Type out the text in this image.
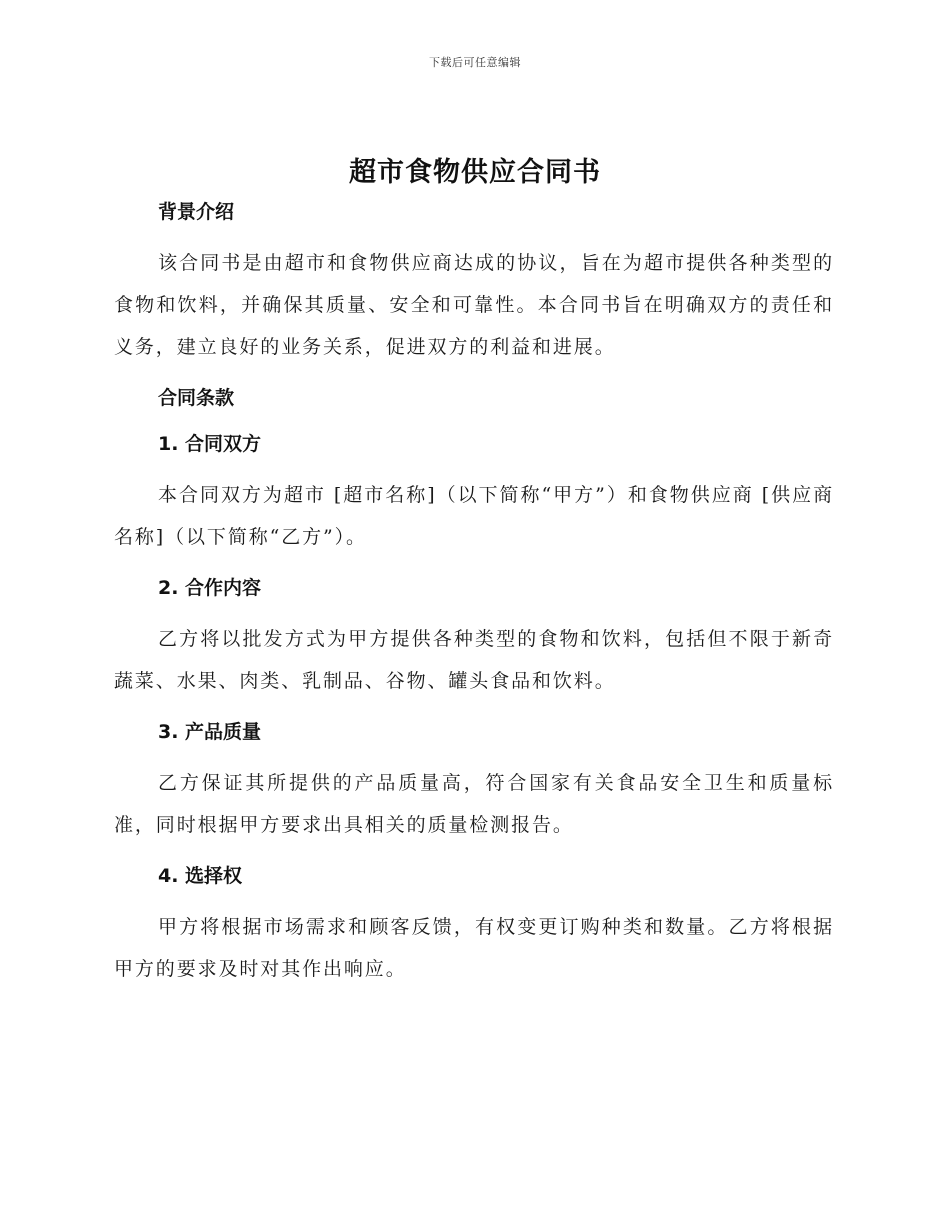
下载后可任意编辑
超市食物供应合同书
背景介绍

该合同书是由超市和食物供应商达成的协议，旨在为超市提供各种类型的食物和饮料，并确保其质量、安全和可靠性。本合同书旨在明确双方的责任和义务，建立良好的业务关系，促进双方的利益和进展。

合同条款
1. 合同双方

本合同双方为超市 [超市名称]（以下简称“甲方”）和食物供应商 [供应商名称]（以下简称“乙方”）。

2. 合作内容

乙方将以批发方式为甲方提供各种类型的食物和饮料，包括但不限于新奇蔬菜、水果、肉类、乳制品、谷物、罐头食品和饮料。

3. 产品质量

乙方保证其所提供的产品质量高，符合国家有关食品安全卫生和质量标准，同时根据甲方要求出具相关的质量检测报告。

4. 选择权

甲方将根据市场需求和顾客反馈，有权变更订购种类和数量。乙方将根据甲方的要求及时对其作出响应。
